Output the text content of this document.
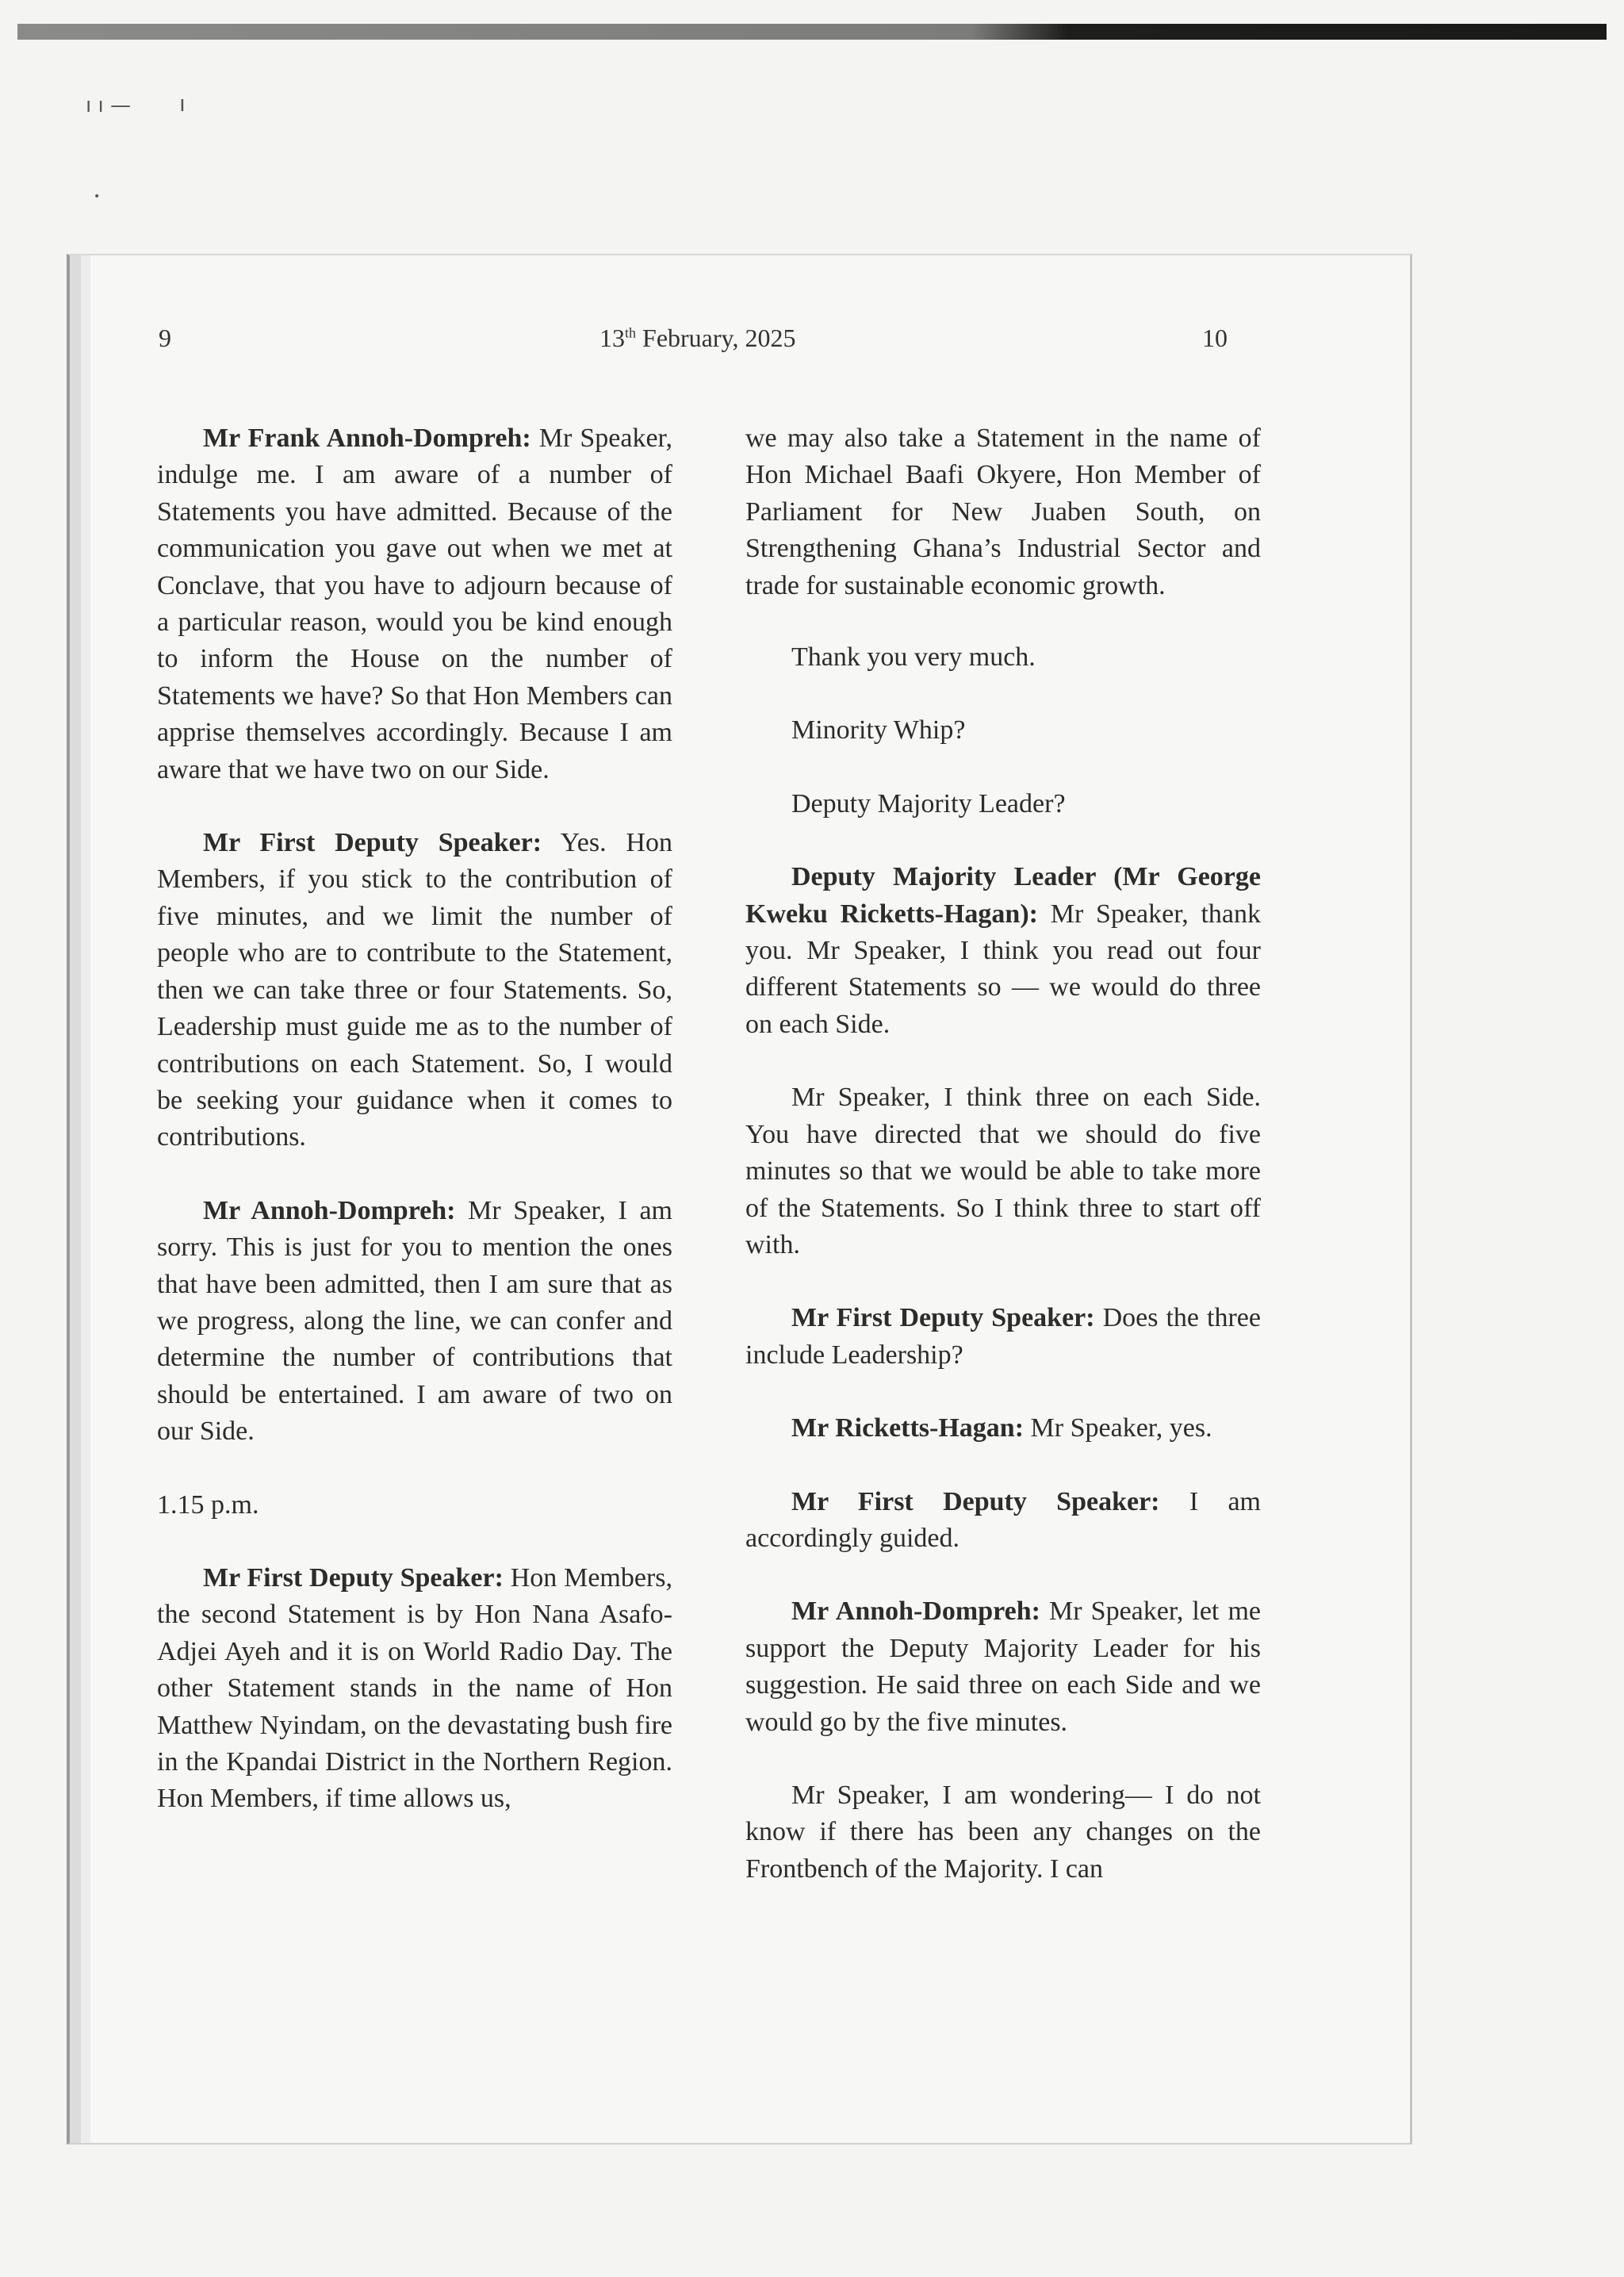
ı ı — ı
•
9	13th February, 2025	10

Mr Frank Annoh-Dompreh: Mr Speaker, indulge me. I am aware of a number of Statements you have admitted. Because of the communication you gave out when we met at Conclave, that you have to adjourn because of a particular reason, would you be kind enough to inform the House on the number of Statements we have? So that Hon Members can apprise themselves accordingly. Because I am aware that we have two on our Side.

Mr First Deputy Speaker: Yes. Hon Members, if you stick to the contribution of five minutes, and we limit the number of people who are to contribute to the Statement, then we can take three or four Statements. So, Leadership must guide me as to the number of contributions on each Statement. So, I would be seeking your guidance when it comes to contributions.

Mr Annoh-Dompreh: Mr Speaker, I am sorry. This is just for you to mention the ones that have been admitted, then I am sure that as we progress, along the line, we can confer and determine the number of contributions that should be entertained. I am aware of two on our Side.

1.15 p.m.

Mr First Deputy Speaker: Hon Members, the second Statement is by Hon Nana Asafo-Adjei Ayeh and it is on World Radio Day. The other Statement stands in the name of Hon Matthew Nyindam, on the devastating bush fire in the Kpandai District in the Northern Region. Hon Members, if time allows us,

we may also take a Statement in the name of Hon Michael Baafi Okyere, Hon Member of Parliament for New Juaben South, on Strengthening Ghana’s Industrial Sector and trade for sustainable economic growth.

Thank you very much.

Minority Whip?

Deputy Majority Leader?

Deputy Majority Leader (Mr George Kweku Ricketts-Hagan): Mr Speaker, thank you. Mr Speaker, I think you read out four different Statements so — we would do three on each Side.

Mr Speaker, I think three on each Side. You have directed that we should do five minutes so that we would be able to take more of the Statements. So I think three to start off with.

Mr First Deputy Speaker: Does the three include Leadership?

Mr Ricketts-Hagan: Mr Speaker, yes.

Mr First Deputy Speaker: I am accordingly guided.

Mr Annoh-Dompreh: Mr Speaker, let me support the Deputy Majority Leader for his suggestion. He said three on each Side and we would go by the five minutes.

Mr Speaker, I am wondering— I do not know if there has been any changes on the Frontbench of the Majority. I can
